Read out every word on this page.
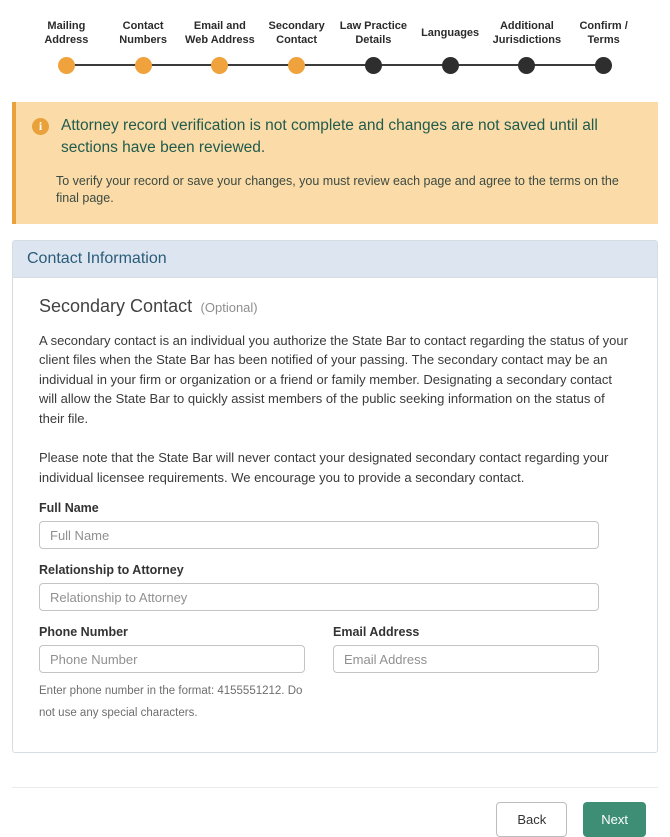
Mailing Address
Contact Numbers
Email and Web Address
Secondary Contact
Law Practice Details
Languages
Additional Jurisdictions
Confirm / Terms
i	Attorney record verification is not complete and changes are not saved until all sections have been reviewed.
To verify your record or save your changes, you must review each page and agree to the terms on the final page.
Contact Information
Secondary Contact (Optional)

A secondary contact is an individual you authorize the State Bar to contact regarding the status of your client files when the State Bar has been notified of your passing. The secondary contact may be an individual in your firm or organization or a friend or family member. Designating a secondary contact will allow the State Bar to quickly assist members of the public seeking information on the status of their file.

Please note that the State Bar will never contact your designated secondary contact regarding your individual licensee requirements. We encourage you to provide a secondary contact.

Full Name
Full Name
Relationship to Attorney
Relationship to Attorney
Phone Number
Phone Number
Enter phone number in the format: 4155551212. Do not use any special characters.
Email Address
Email Address
Back	Next
